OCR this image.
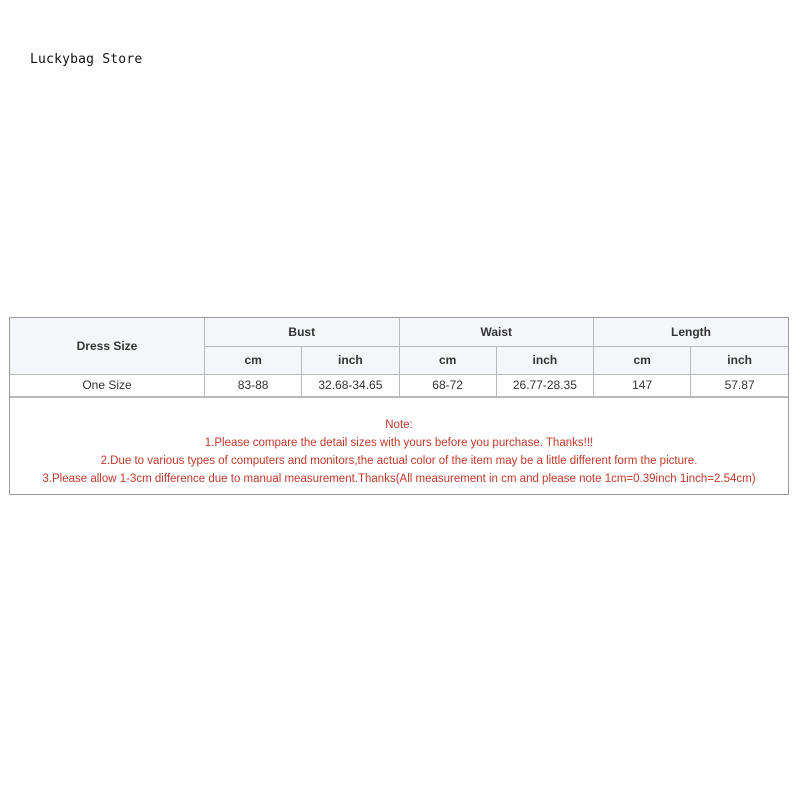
Luckybag Store
Dress Size	Bust		Waist		Length	
	cm	inch	cm	inch	cm	inch
One Size	83-88	32.68-34.65	68-72	26.77-28.35	147	57.87
Note:
1.Please compare the detail sizes with yours before you purchase. Thanks!!!
2.Due to various types of computers and monitors,the actual color of the item may be a little different form the picture.
3.Please allow 1-3cm difference due to manual measurement.Thanks(All measurement in cm and please note 1cm=0.39inch 1inch=2.54cm)
